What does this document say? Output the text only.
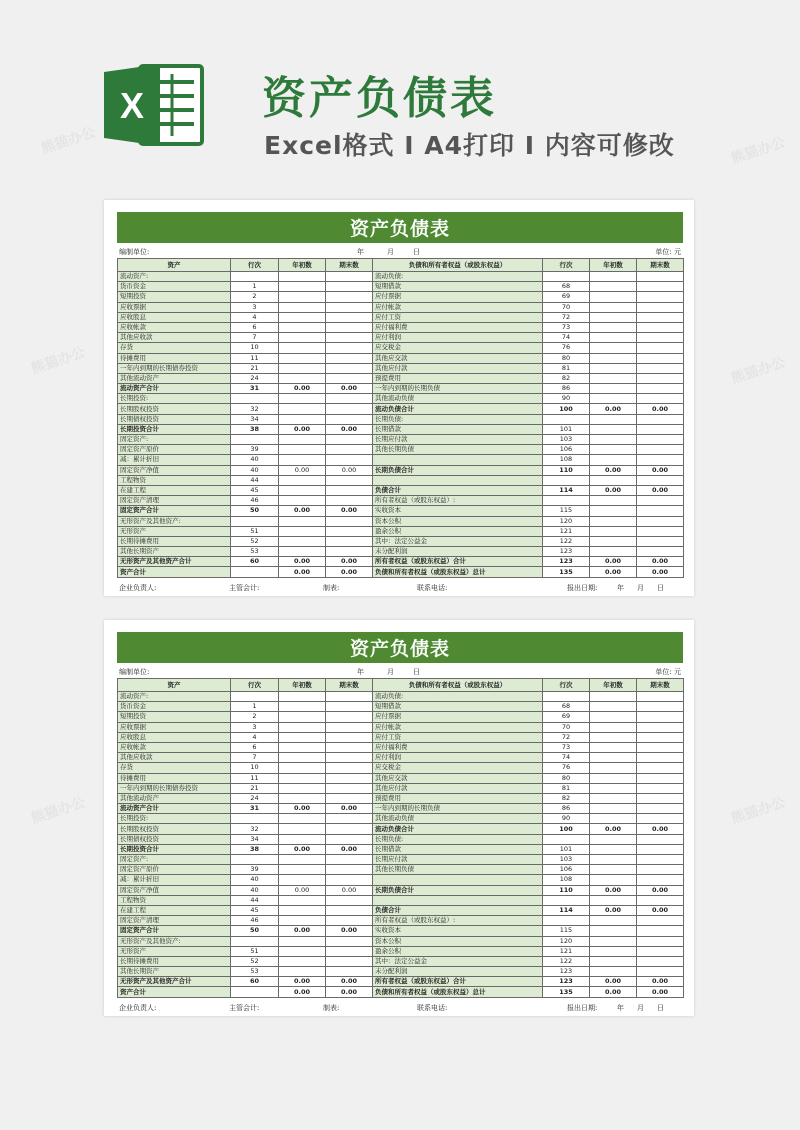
X	资产负债表
Excel格式 Ⅰ A4打印 Ⅰ 内容可修改
熊猫办公	熊猫办公
熊猫办公	熊猫办公
熊猫办公	熊猫办公
资产负债表
编制单位:	年	月	日	单位: 元
资产	行次	年初数	期末数	负债和所有者权益（或股东权益）	行次	年初数	期末数
流动资产:				流动负债:			
货币资金	1			短期借款	68		
短期投资	2			应付票据	69		
应收票据	3			应付帐款	70		
应收股息	4			应付工资	72		
应收帐款	6			应付福利费	73		
其他应收款	7			应付利润	74		
存货	10			应交税金	76		
待摊费用	11			其他应交款	80		
一年内到期的长期债券投资	21			其他应付款	81		
其他流动资产	24			预提费用	82		
流动资产合计	31	0.00	0.00	一年内到期的长期负债	86		
长期投资:				其他流动负债	90		
长期股权投资	32			流动负债合计	100	0.00	0.00
长期债权投资	34			长期负债:			
长期投资合计	38	0.00	0.00	长期借款	101		
固定资产:				长期应付款	103		
固定资产原价	39			其他长期负债	106		
减：累计折旧	40				108		
固定资产净值	40	0.00	0.00	长期负债合计	110	0.00	0.00
工程物资	44						
在建工程	45			负债合计	114	0.00	0.00
固定资产清理	46			所有者权益（或股东权益）:			
固定资产合计	50	0.00	0.00	实收资本	115		
无形资产及其他资产:				资本公积	120		
无形资产	51			盈余公积	121		
长期待摊费用	52			其中：法定公益金	122		
其他长期资产	53			未分配利润	123		
无形资产及其他资产合计	60	0.00	0.00	所有者权益（或股东权益）合计	123	0.00	0.00
资产合计		0.00	0.00	负债和所有者权益（或股东权益）总计	135	0.00	0.00
企业负责人:	主管会计:	制表:	联系电话:	报出日期:	年 月 日
资产负债表
编制单位:	年	月	日	单位: 元
资产	行次	年初数	期末数	负债和所有者权益（或股东权益）	行次	年初数	期末数
流动资产:				流动负债:			
货币资金	1			短期借款	68		
短期投资	2			应付票据	69		
应收票据	3			应付帐款	70		
应收股息	4			应付工资	72		
应收帐款	6			应付福利费	73		
其他应收款	7			应付利润	74		
存货	10			应交税金	76		
待摊费用	11			其他应交款	80		
一年内到期的长期债券投资	21			其他应付款	81		
其他流动资产	24			预提费用	82		
流动资产合计	31	0.00	0.00	一年内到期的长期负债	86		
长期投资:				其他流动负债	90		
长期股权投资	32			流动负债合计	100	0.00	0.00
长期债权投资	34			长期负债:			
长期投资合计	38	0.00	0.00	长期借款	101		
固定资产:				长期应付款	103		
固定资产原价	39			其他长期负债	106		
减：累计折旧	40				108		
固定资产净值	40	0.00	0.00	长期负债合计	110	0.00	0.00
工程物资	44						
在建工程	45			负债合计	114	0.00	0.00
固定资产清理	46			所有者权益（或股东权益）:			
固定资产合计	50	0.00	0.00	实收资本	115		
无形资产及其他资产:				资本公积	120		
无形资产	51			盈余公积	121		
长期待摊费用	52			其中：法定公益金	122		
其他长期资产	53			未分配利润	123		
无形资产及其他资产合计	60	0.00	0.00	所有者权益（或股东权益）合计	123	0.00	0.00
资产合计		0.00	0.00	负债和所有者权益（或股东权益）总计	135	0.00	0.00
企业负责人:	主管会计:	制表:	联系电话:	报出日期:	年 月 日
